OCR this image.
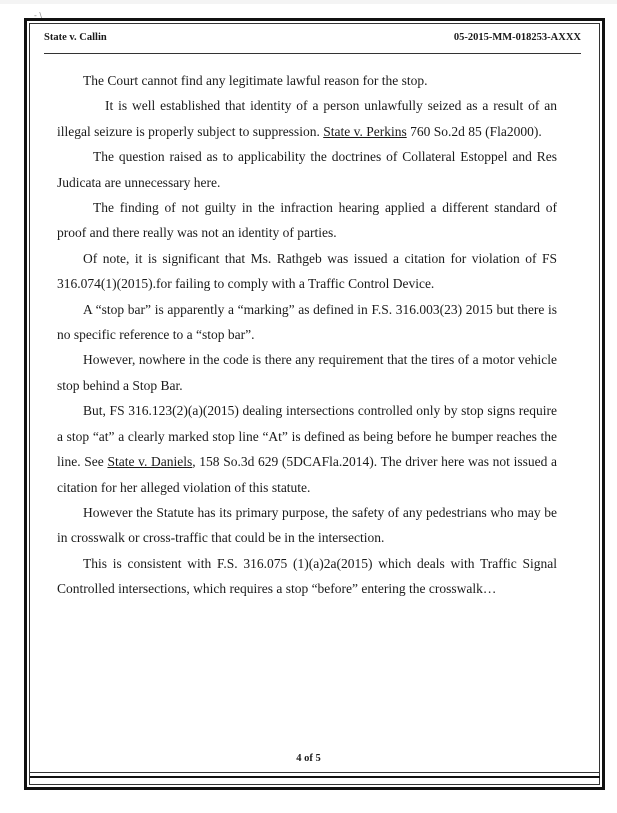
- \
State v. Callin	05-2015-MM-018253-AXXX

The Court cannot find any legitimate lawful reason for the stop.

It is well established that identity of a person unlawfully seized as a result of an illegal seizure is properly subject to suppression. State v. Perkins 760 So.2d 85 (Fla2000).

The question raised as to applicability the doctrines of Collateral Estoppel and Res Judicata are unnecessary here.

The finding of not guilty in the infraction hearing applied a different standard of proof and there really was not an identity of parties.

Of note, it is significant that Ms. Rathgeb was issued a citation for violation of FS 316.074(1)(2015).for failing to comply with a Traffic Control Device.

A “stop bar” is apparently a “marking” as defined in F.S. 316.003(23) 2015 but there is no specific reference to a “stop bar”.

However, nowhere in the code is there any requirement that the tires of a motor vehicle stop behind a Stop Bar.

But, FS 316.123(2)(a)(2015) dealing intersections controlled only by stop signs require a stop “at” a clearly marked stop line “At” is defined as being before he bumper reaches the line. See State v. Daniels, 158 So.3d 629 (5DCAFla.2014). The driver here was not issued a citation for her alleged violation of this statute.

However the Statute has its primary purpose, the safety of any pedestrians who may be in crosswalk or cross-traffic that could be in the intersection.

This is consistent with F.S. 316.075 (1)(a)2a(2015) which deals with Traffic Signal Controlled intersections, which requires a stop “before” entering the crosswalk…

4 of 5
